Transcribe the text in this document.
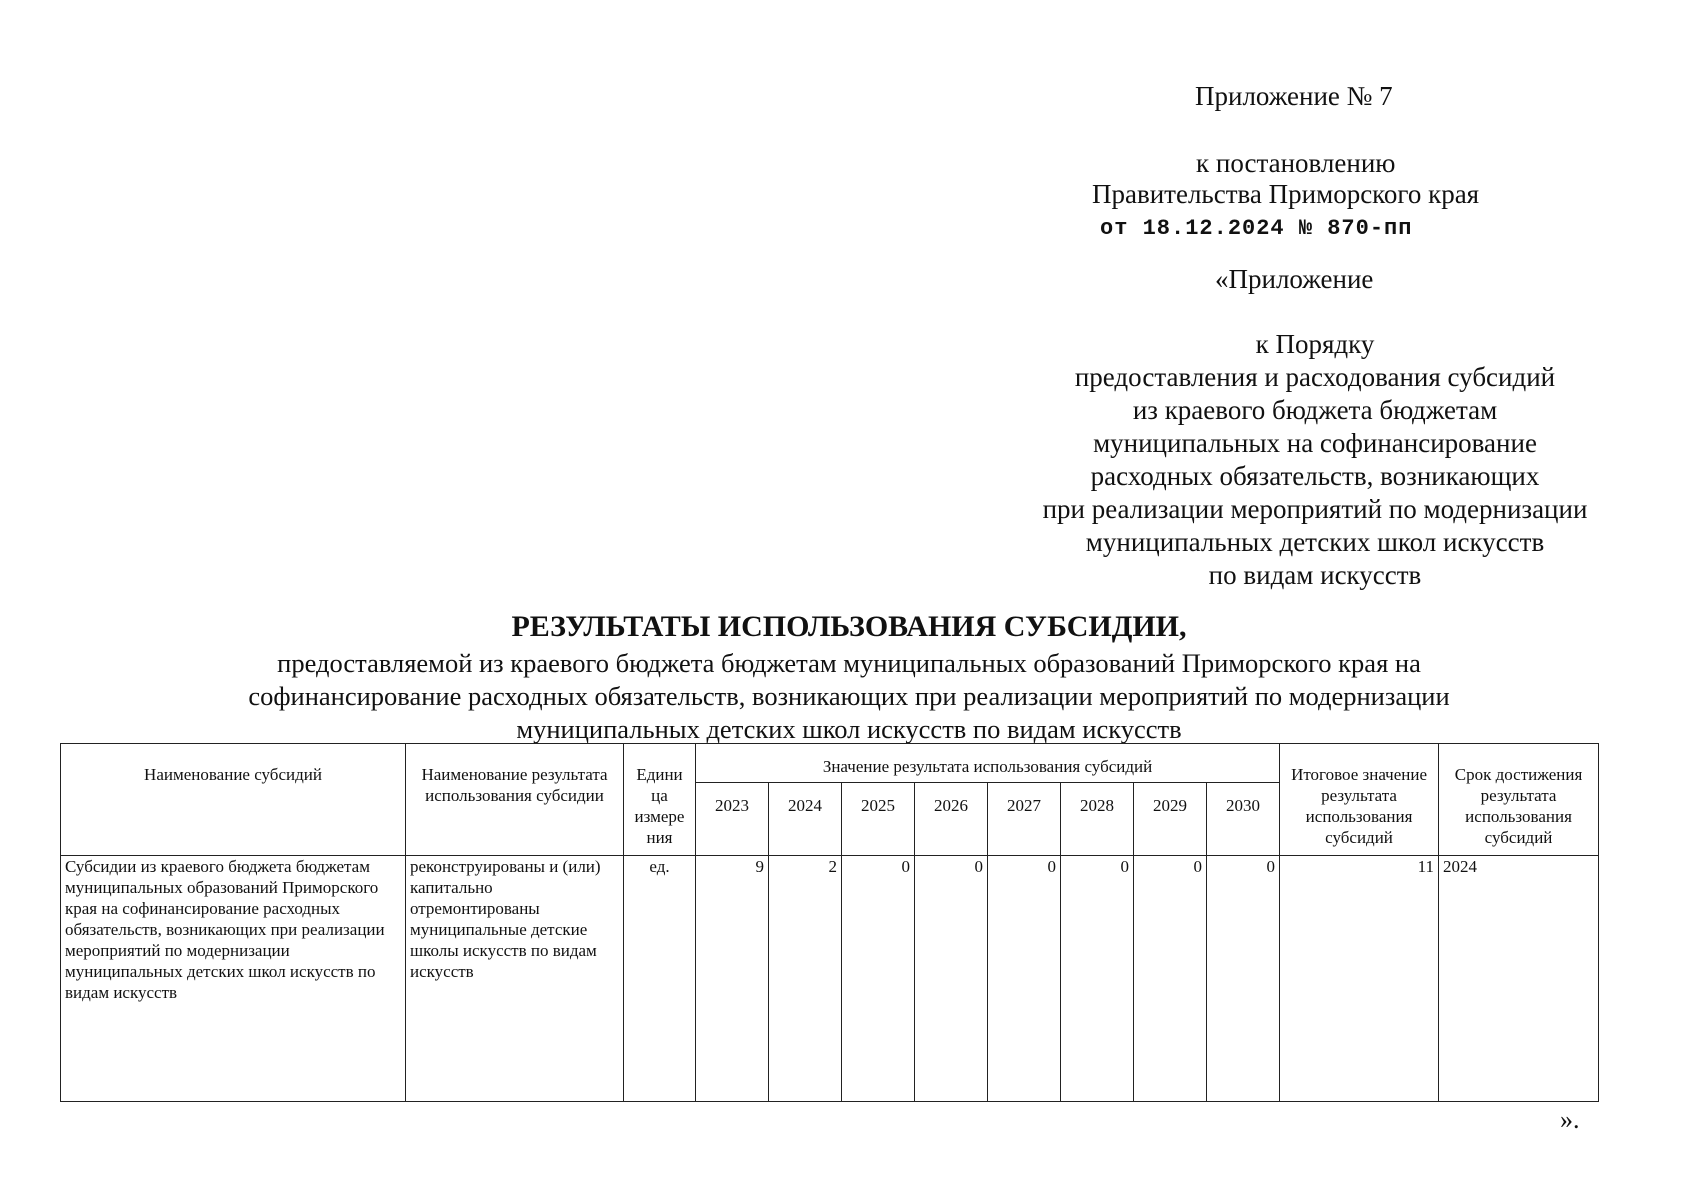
Приложение № 7
к постановлению
Правительства Приморского края
от 18.12.2024 № 870-пп
«Приложение
к Порядку
предоставления и расходования субсидий
из краевого бюджета бюджетам
муниципальных на софинансирование
расходных обязательств, возникающих
при реализации мероприятий по модернизации
муниципальных детских школ искусств
по видам искусств
РЕЗУЛЬТАТЫ ИСПОЛЬЗОВАНИЯ СУБСИДИИ,
предоставляемой из краевого бюджета бюджетам муниципальных образований Приморского края на
софинансирование расходных обязательств, возникающих при реализации мероприятий по модернизации
муниципальных детских школ искусств по видам искусств
Наименование субсидий	Наименование результата использования субсидии	Едини ца измере ния	Значение результата использования субсидий								Итоговое значение результата использования субсидий	Срок достижения результата использования субсидий
			2023	2024	2025	2026	2027	2028	2029	2030		
Субсидии из краевого бюджета бюджетам муниципальных образований Приморского края на софинансирование расходных обязательств, возникающих при реализации мероприятий по модернизации муниципальных детских школ искусств по видам искусств	реконструированы и (или) капитально отремонтированы муниципальные детские школы искусств по видам искусств	ед.	9	2	0	0	0	0	0	0	11	2024
».
